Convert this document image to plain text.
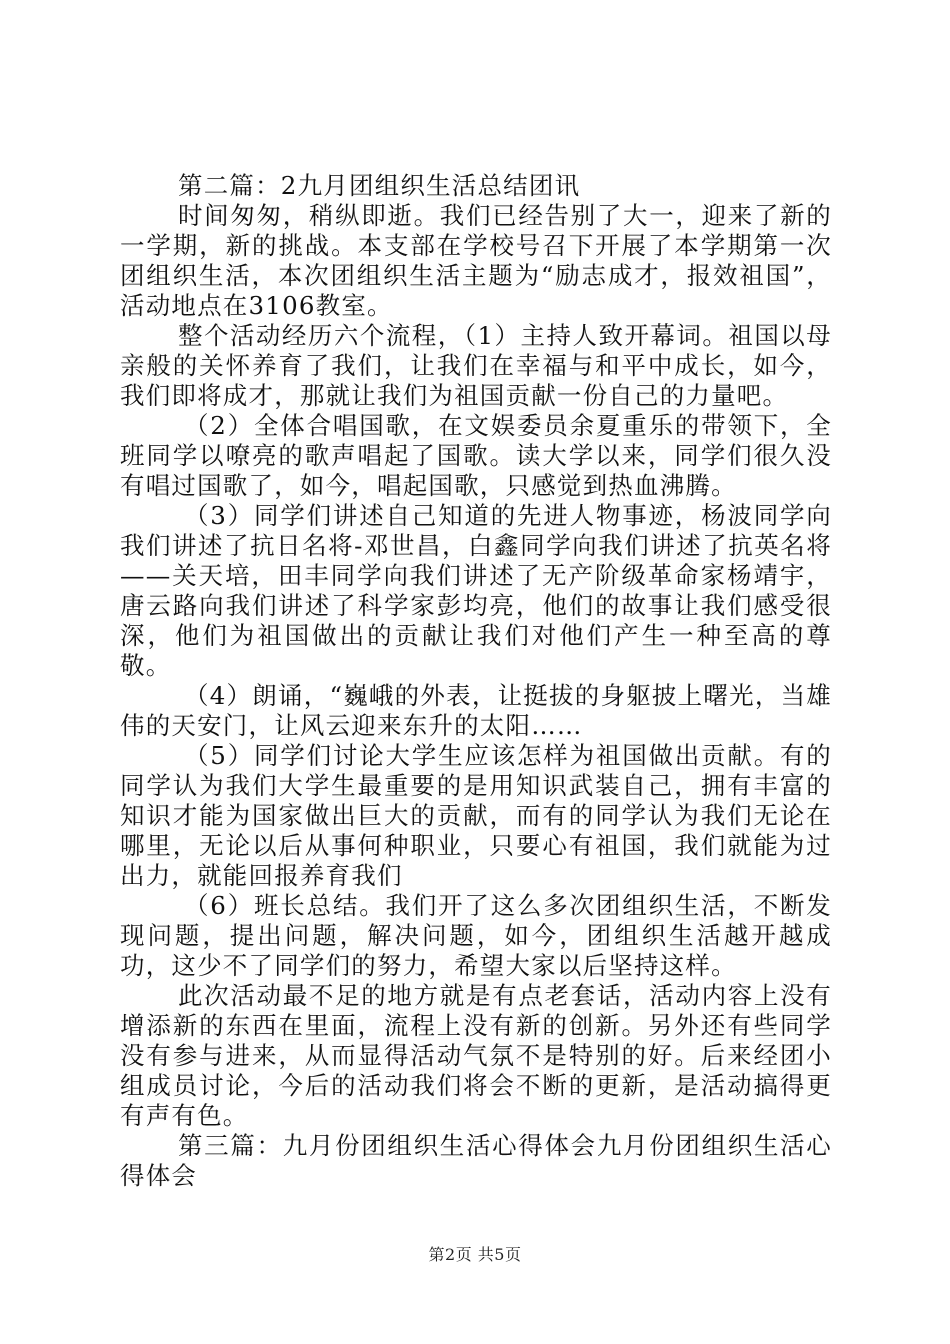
第二篇：2九月团组织生活总结团讯

时间匆匆，稍纵即逝。我们已经告别了大一，迎来了新的一学期，新的挑战。本支部在学校号召下开展了本学期第一次团组织生活，本次团组织生活主题为“励志成才，报效祖国”，活动地点在3106教室。

整个活动经历六个流程，（1）主持人致开幕词。祖国以母亲般的关怀养育了我们，让我们在幸福与和平中成长，如今，我们即将成才，那就让我们为祖国贡献一份自己的力量吧。

（2）全体合唱国歌，在文娱委员余夏重乐的带领下，全班同学以嘹亮的歌声唱起了国歌。读大学以来，同学们很久没有唱过国歌了，如今，唱起国歌，只感觉到热血沸腾。

（3）同学们讲述自己知道的先进人物事迹，杨波同学向我们讲述了抗日名将-邓世昌，白鑫同学向我们讲述了抗英名将——关天培，田丰同学向我们讲述了无产阶级革命家杨靖宇，唐云路向我们讲述了科学家彭均亮，他们的故事让我们感受很深，他们为祖国做出的贡献让我们对他们产生一种至高的尊敬。

（4）朗诵，“巍峨的外表，让挺拔的身躯披上曙光，当雄伟的天安门，让风云迎来东升的太阳……

（5）同学们讨论大学生应该怎样为祖国做出贡献。有的同学认为我们大学生最重要的是用知识武装自己，拥有丰富的知识才能为国家做出巨大的贡献，而有的同学认为我们无论在哪里，无论以后从事何种职业，只要心有祖国，我们就能为过出力，就能回报养育我们

（6）班长总结。我们开了这么多次团组织生活，不断发现问题，提出问题，解决问题，如今，团组织生活越开越成功，这少不了同学们的努力，希望大家以后坚持这样。

此次活动最不足的地方就是有点老套话，活动内容上没有增添新的东西在里面，流程上没有新的创新。另外还有些同学没有参与进来，从而显得活动气氛不是特别的好。后来经团小组成员讨论，今后的活动我们将会不断的更新，是活动搞得更有声有色。

第三篇：九月份团组织生活心得体会九月份团组织生活心得体会

第2页 共5页
